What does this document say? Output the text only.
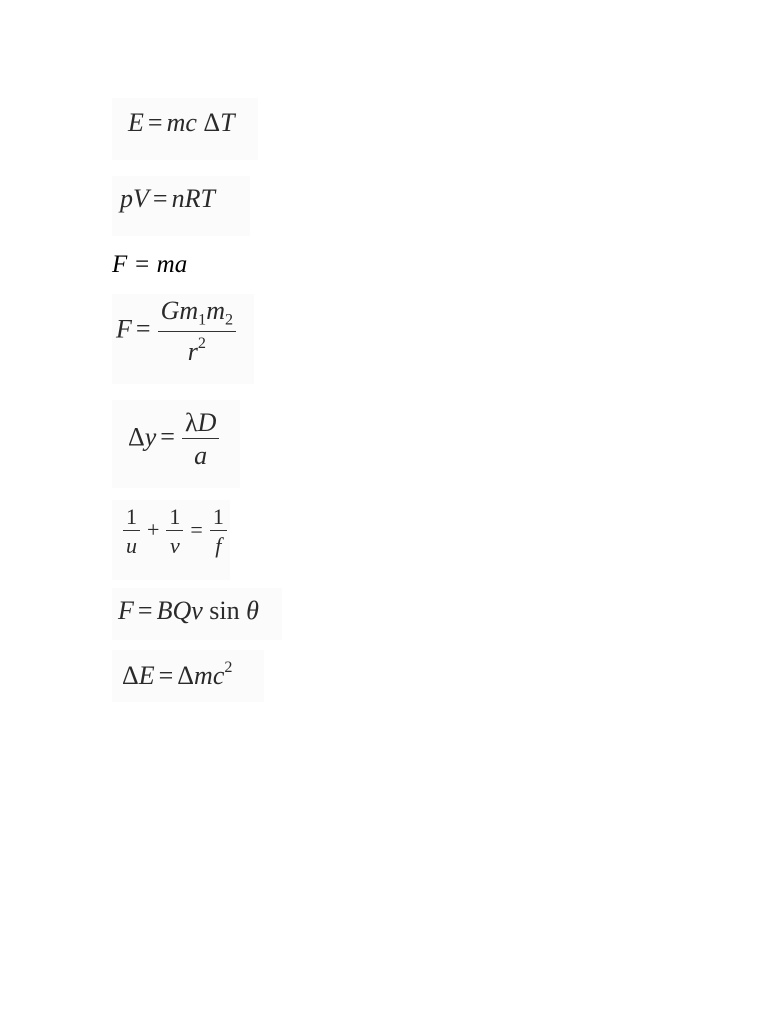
E = mc ΔT
pV = nRT
F = ma
$F = \frac{Gm_1m_2}{r^2}$
$\Delta y = \frac{\lambda D}{a}$
$\frac{1}{u} + \frac{1}{v} = \frac{1}{f}$
F = BQv sin θ
ΔE = Δmc$^2$
